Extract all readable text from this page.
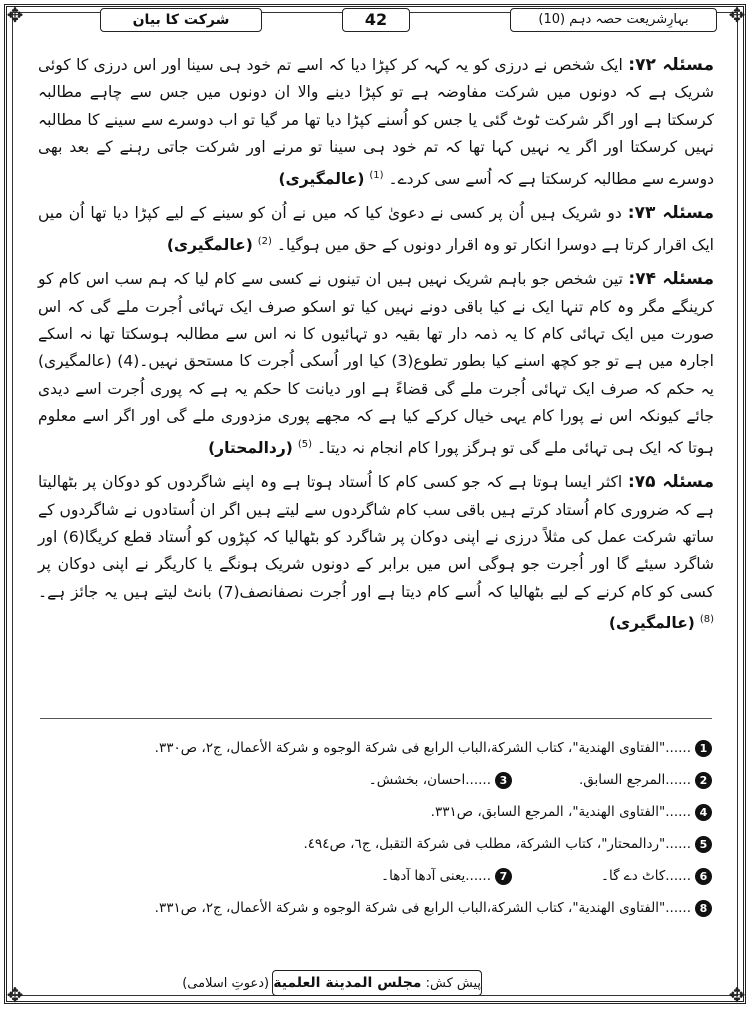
✥	✥
✥	✥
بہارِشریعت حصہ دہم (10)
42
شرکت کا بیان

مسئلہ ۷۲: ایک شخص نے درزی کو یہ کہہ کر کپڑا دیا کہ اسے تم خود ہی سینا اور اس درزی کا کوئی شریک ہے کہ دونوں میں شرکت مفاوضہ ہے تو کپڑا دینے والا ان دونوں میں جس سے چاہے مطالبہ کرسکتا ہے اور اگر شرکت ٹوٹ گئی یا جس کو اُسنے کپڑا دیا تھا مر گیا تو اب دوسرے سے سینے کا مطالبہ نہیں کرسکتا اور اگر یہ نہیں کہا تھا کہ تم خود ہی سینا تو مرنے اور شرکت جاتی رہنے کے بعد بھی دوسرے سے مطالبہ کرسکتا ہے کہ اُسے سی کردے۔ $^{(1)}$ (عالمگیری)

مسئلہ ۷۳: دو شریک ہیں اُن پر کسی نے دعویٰ کیا کہ میں نے اُن کو سینے کے لیے کپڑا دیا تھا اُن میں ایک اقرار کرتا ہے دوسرا انکار تو وہ اقرار دونوں کے حق میں ہوگیا۔ $^{(2)}$ (عالمگیری)

مسئلہ ۷۴: تین شخص جو باہم شریک نہیں ہیں ان تینوں نے کسی سے کام لیا کہ ہم سب اس کام کو کرینگے مگر وہ کام تنہا ایک نے کیا باقی دونے نہیں کیا تو اسکو صرف ایک تہائی اُجرت ملے گی کہ اس صورت میں ایک تہائی کام کا یہ ذمہ دار تھا بقیہ دو تہائیوں کا نہ اس سے مطالبہ ہوسکتا تھا نہ اسکے اجارہ میں ہے تو جو کچھ اسنے کیا بطور تطوع(3) کیا اور اُسکی اُجرت کا مستحق نہیں۔(4) (عالمگیری) یہ حکم کہ صرف ایک تہائی اُجرت ملے گی قضاءً ہے اور دیانت کا حکم یہ ہے کہ پوری اُجرت اسے دیدی جائے کیونکہ اس نے پورا کام یہی خیال کرکے کیا ہے کہ مجھے پوری مزدوری ملے گی اور اگر اسے معلوم ہوتا کہ ایک ہی تہائی ملے گی تو ہرگز پورا کام انجام نہ دیتا۔ $^{(5)}$ (ردالمحتار)

مسئلہ ۷۵: اکثر ایسا ہوتا ہے کہ جو کسی کام کا اُستاد ہوتا ہے وہ اپنے شاگردوں کو دوکان پر بٹھالیتا ہے کہ ضروری کام اُستاد کرتے ہیں باقی سب کام شاگردوں سے لیتے ہیں اگر ان اُستادوں نے شاگردوں کے ساتھ شرکت عمل کی مثلاً درزی نے اپنی دوکان پر شاگرد کو بٹھالیا کہ کپڑوں کو اُستاد قطع کریگا(6) اور شاگرد سیئے گا اور اُجرت جو ہوگی اس میں برابر کے دونوں شریک ہونگے یا کاریگر نے اپنی دوکان پر کسی کو کام کرنے کے لیے بٹھالیا کہ اُسے کام دیتا ہے اور اُجرت نصفانصف(7) بانٹ لیتے ہیں یہ جائز ہے۔ $^{(8)}$ (عالمگیری)

1
......"الفتاوی الهندية"، كتاب الشركة،الباب الرابع فى شركة الوجوه و شركة الأعمال، ج٢، ص٣٣٠.
2
......المرجع السابق.
3
......احسان، بخشش۔
4
......"الفتاوی الهندية"، المرجع السابق، ص٣٣١.
5
......"ردالمحتار"، كتاب الشركة، مطلب فى شركة التقبل، ج٦، ص٤٩٤.
6
......کاٹ دے گا۔
7
......یعنی آدھا آدھا۔
8
......"الفتاوی الهندية"، كتاب الشركة،الباب الرابع فى شركة الوجوه و شركة الأعمال، ج٢، ص٣٣١.
پیش کش: مجلس المدينة العلمية (دعوتِ اسلامی)
